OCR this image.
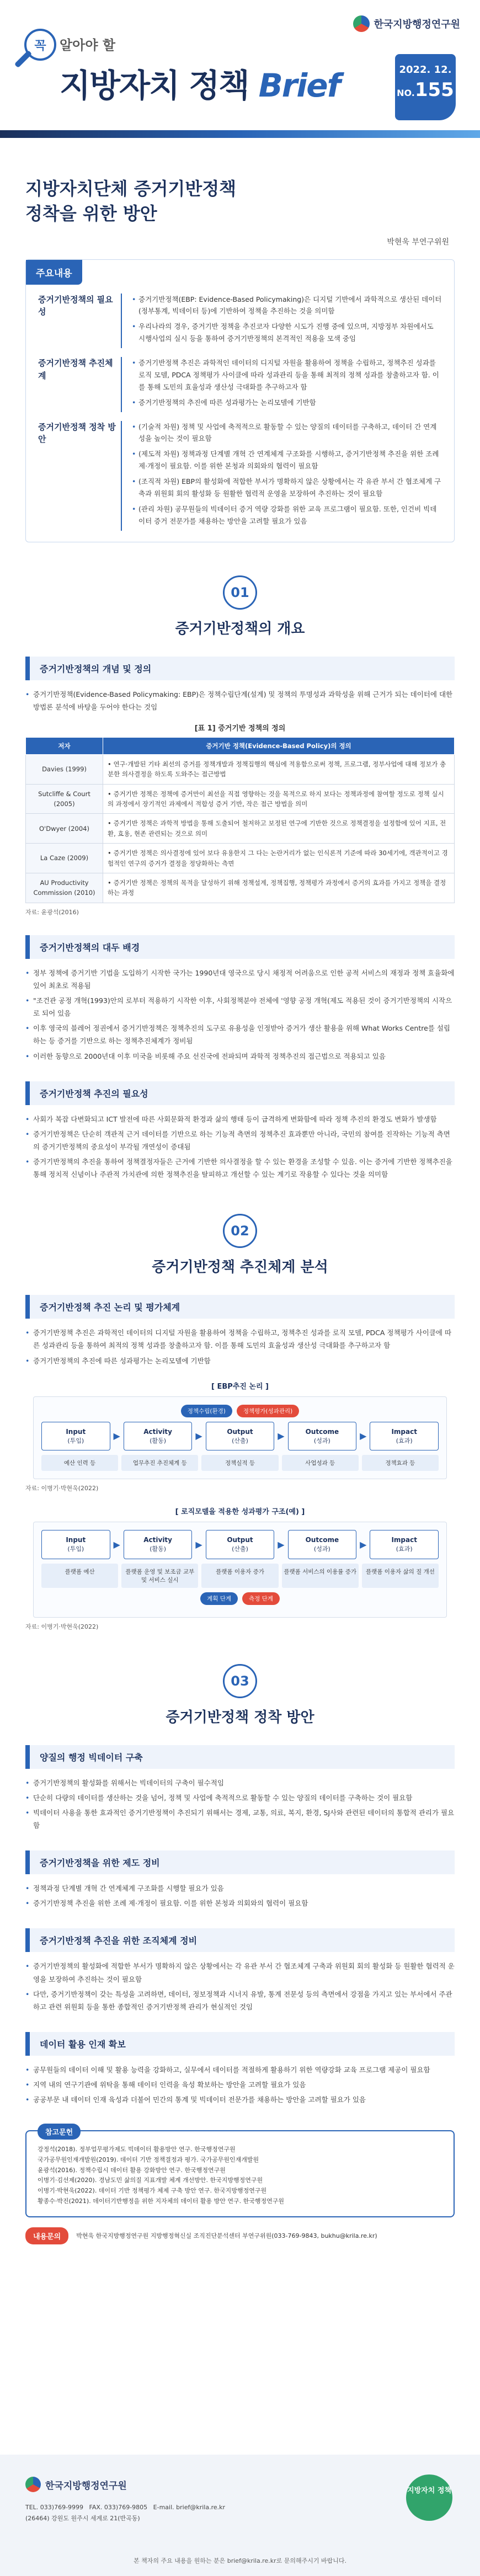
꼭 알아야 할
지방자치 정책 Brief
한국지방행정연구원
2022. 12.
NO.155
지방자치단체 증거기반정책
정착을 위한 방안
박현욱 부연구위원
주요내용
증거기반정책의 필요성
• 증거기반정책(EBP: Evidence-Based Policymaking)은 디지털 기반에서 과학적으로 생산된 데이터(정부통계, 빅데이터 등)에 기반하여 정책을 추진하는 것을 의미함
• 우리나라의 경우, 증거기반 정책을 추진코자 다양한 시도가 진행 중에 있으며, 지방정부 차원에서도 시행사업의 실시 등을 통하여 증거기반정책의 본격적인 적용을 모색 중임
증거기반정책 추진체계
• 증거기반정책 추진은 과학적인 데이터의 디지털 자원을 활용하여 정책을 수립하고, 정책추진 성과를 로직 모델, PDCA 정책평가 사이클에 따라 성과관리 등을 통해 최적의 정책 성과를 창출하고자 함. 이를 통해 도민의 효율성과 생산성 극대화를 추구하고자 함
• 증거기반정책의 추진에 따른 성과평가는 논리모델에 기반함
증거기반정책 정착 방안
• (기술적 차원) 정책 및 사업에 축적적으로 활동할 수 있는 양질의 데이터를 구축하고, 데이터 간 연계성을 높이는 것이 필요함
• (제도적 차원) 정책과정 단계별 개혁 간 연계체계 구조화를 시행하고, 증거기반정책 추진을 위한 조례 제·개정이 필요함. 이를 위한 본청과 의회와의 협력이 필요함
• (조직적 차원) EBP의 활성화에 적합한 부서가 명확하지 않은 상황에서는 각 유관 부서 간 협조체계 구축과 위원회 회의 활성화 등 원활한 협력적 운영을 보장하여 추진하는 것이 필요함
• (관리 차원) 공무원들의 빅데이터 증거 역량 강화를 위한 교육 프로그램이 필요함. 또한, 인건비 빅데이터 증거 전문가를 채용하는 방안을 고려할 필요가 있음
01
증거기반정책의 개요
증거기반정책의 개념 및 정의
• 증거기반정책(Evidence-Based Policymaking: EBP)은 정책수립단계(설계) 및 정책의 투명성과 과학성을 위해 근거가 되는 데이터에 대한 방법론 분석에 바탕을 두어야 한다는 것임
[표 1] 증거기반 정책의 정의
저자	증거기반 정책(Evidence-Based Policy)의 정의
Davies (1999)	• 연구·개발된 기타 최선의 증거를 정책개발과 정책집행의 핵심에 적용함으로써 정책, 프로그램, 정부사업에 대해 정보가 충분한 의사결정을 하도록 도와주는 접근방법
Sutcliffe & Court (2005)	• 증거기반 정책은 정책에 증거만이 최선을 직접 영향하는 것을 목적으로 하지 보다는 정책과정에 참여할 정도로 정책 실시의 과정에서 장기적인 과제에서 적합성 증거 기반, 작은 접근 방법을 의미
O'Dwyer (2004)	• 증거기반 정책은 과학적 방법을 통해 도출되어 철저하고 보정된 연구에 기반한 것으로 정책결정을 설정함에 있어 지표, 전환, 효용, 현존 관련되는 것으로 의미
La Caze (2009)	• 증거기반 정책은 의사결정에 있어 보다 유용한지 그 다는 논란거리가 없는 인식론적 기준에 따라 30세기에, 객관적이고 경험적인 연구의 증거가 결정을 정당화하는 측면
AU Productivity Commission (2010)	• 증거기반 정책은 정책의 목적을 달성하기 위해 정책설계, 정책집행, 정책평가 과정에서 증거의 효과를 가지고 정책을 결정하는 과정
자료: 윤광석(2016)
증거기반정책의 대두 배경
• 정부 정책에 증거기반 기법을 도입하기 시작한 국가는 1990년대 영국으로 당시 채정적 어려움으로 인한 공적 서비스의 재정과 정책 효율화에 있어 최초로 적용됨
• "조건관 공정 개혁(1993)안의 로부터 적용하기 시작한 이후, 사회정책분야 전체에 '영향 공정 개혁(제도 적용된 것이 증거기반정책의 시작으로 되어 있음
• 이후 영국의 블레어 정권에서 증거기반정책은 정책추진의 도구로 유용성을 인정받아 증거가 생산 활용을 위해 What Works Centre를 설립하는 등 증거를 기반으로 하는 정책추진체계가 정비됨
• 이러한 동향으로 2000년대 이후 미국을 비롯해 주요 선진국에 전파되며 과학적 정책추진의 접근법으로 적용되고 있음
증거기반정책 추진의 필요성
• 사회가 복잡 다변화되고 ICT 발전에 따른 사회문화적 환경과 삶의 행태 등이 급격하게 변화함에 따라 정책 추진의 환경도 변화가 발생함
• 증거기반정책은 단순히 객관적 근거 데이터를 기반으로 하는 기능적 측면의 정책추진 효과뿐만 아니라, 국민의 참여를 진작하는 기능적 측면의 증거기반정책의 중요성이 부각될 개연성이 증대됨
• 증거기반정책의 추진을 통하여 정책결정자들은 근거에 기반한 의사결정을 할 수 있는 환경을 조성할 수 있음. 이는 증거에 기반한 정책추진을 통해 정치적 신념이나 주관적 가치관에 의한 정책추진을 탈피하고 개선할 수 있는 계기로 작용할 수 있다는 것을 의미함
02
증거기반정책 추진체계 분석
증거기반정책 추진 논리 및 평가체계
• 증거기반정책 추진은 과학적인 데이터의 디지털 자원을 활용하여 정책을 수립하고, 정책추진 성과를 로직 모델, PDCA 정책평가 사이클에 따른 성과관리 등을 통하여 최적의 정책 성과를 창출하고자 함. 이를 통해 도민의 효율성과 생산성 극대화를 추구하고자 함
• 증거기반정책의 추진에 따른 성과평가는 논리모델에 기반함
[ EBP추진 논리 ]
정책수립(환경)	정책평가(성과관리)
Input
(투입)	▶	Activity
(활동)	▶	Output
(산출)	▶	Outcome
(성과)	▶	Impact
(효과)
예산 인력 등	업무추진 추진체계 등	정책실적 등	사업성과 등	정책효과 등
자료: 이병기·박현욱(2022)
[ 로직모델을 적용한 성과평가 구조(예) ]
Input
(투입)	▶	Activity
(활동)	▶	Output
(산출)	▶	Outcome
(성과)	▶	Impact
(효과)
플랫폼 예산	플랫폼 운영 및 보조금 교부 및 서비스 실시
플랫폼 이용자 증가	플랫폼 서비스의 이용률 증가	플랫폼 이용자 삶의 질 개선
계획 단계	측정 단계
자료: 이병기·박현욱(2022)
03
증거기반정책 정착 방안
양질의 행정 빅데이터 구축
• 증거기반정책의 활성화를 위해서는 빅데이터의 구축이 필수적임
• 단순히 다량의 데이터를 생산하는 것을 넘어, 정책 및 사업에 축적적으로 활동할 수 있는 양질의 데이터를 구축하는 것이 필요함
• 빅데이터 사용을 통한 효과적인 증거기반정책이 추진되기 위해서는 경제, 교통, 의료, 복지, 환경, SJ사와 관련된 데이터의 통합적 관리가 필요함
증거기반정책을 위한 제도 정비
• 정책과정 단계별 개혁 간 연계체계 구조화를 시행할 필요가 있음
• 증거기반정책 추진을 위한 조례 제·개정이 필요함. 이를 위한 본청과 의회와의 협력이 필요함
증거기반정책 추진을 위한 조직체계 정비
• 증거기반정책의 활성화에 적합한 부서가 명확하지 않은 상황에서는 각 유관 부서 간 협조체계 구축과 위원회 회의 활성화 등 원활한 협력적 운영을 보장하여 추진하는 것이 필요함
• 다만, 증거기반정책이 갖는 특성을 고려하면, 데이터, 정보정책과 시너지 유발, 통계 전문성 등의 측면에서 강점을 가지고 있는 부서에서 주관하고 관련 위원회 등을 통한 종합적인 증거기반정책 관리가 현실적인 것임
데이터 활용 인재 확보
• 공무원들의 데이터 이해 및 활용 능력을 강화하고, 실무에서 데이터를 적절하게 활용하기 위한 역량강화 교육 프로그램 제공이 필요함
• 지역 내의 연구기관에 위탁을 통해 데이터 인력을 육성 확보하는 방안을 고려할 필요가 있음
• 공공부문 내 데이터 인재 육성과 더불어 민간의 통계 및 빅데이터 전문가를 채용하는 방안을 고려할 필요가 있음
참고문헌
강정석(2018). 정부업무평가제도 빅데이터 활용방안 연구. 한국행정연구원
국가공무원인재개발원(2019). 데이터 기반 정책결정과 평가. 국가공무원인재개발원
윤광석(2016). 정책수립시 데이터 활용 강화방안 연구. 한국행정연구원
이병기·김선제(2020). 경남도민 삶의질 지표개발 체계 개선방안. 한국지방행정연구원
이병기·박현욱(2022). 데이터 기반 정책평가 체제 구축 방안 연구. 한국지방행정연구원
황종수·박진(2021). 데이터기반행정을 위한 지자체의 데이터 활용 방안 연구. 한국행정연구원
내용문의	박현욱 한국지방행정연구원 지방행정혁신실 조직진단분석센터 부연구위원(033-769-9843, bukhu@krila.re.kr)
한국지방행정연구원
TEL. 033)769-9999 FAX. 033)769-9805 E-mail. brief@krila.re.kr
(26464) 강원도 원주시 세계로 21(반곡동)
지방자치 정책
본 책자의 주요 내용을 원하는 분은 brief@krila.re.kr로 문의해주시기 바랍니다.
